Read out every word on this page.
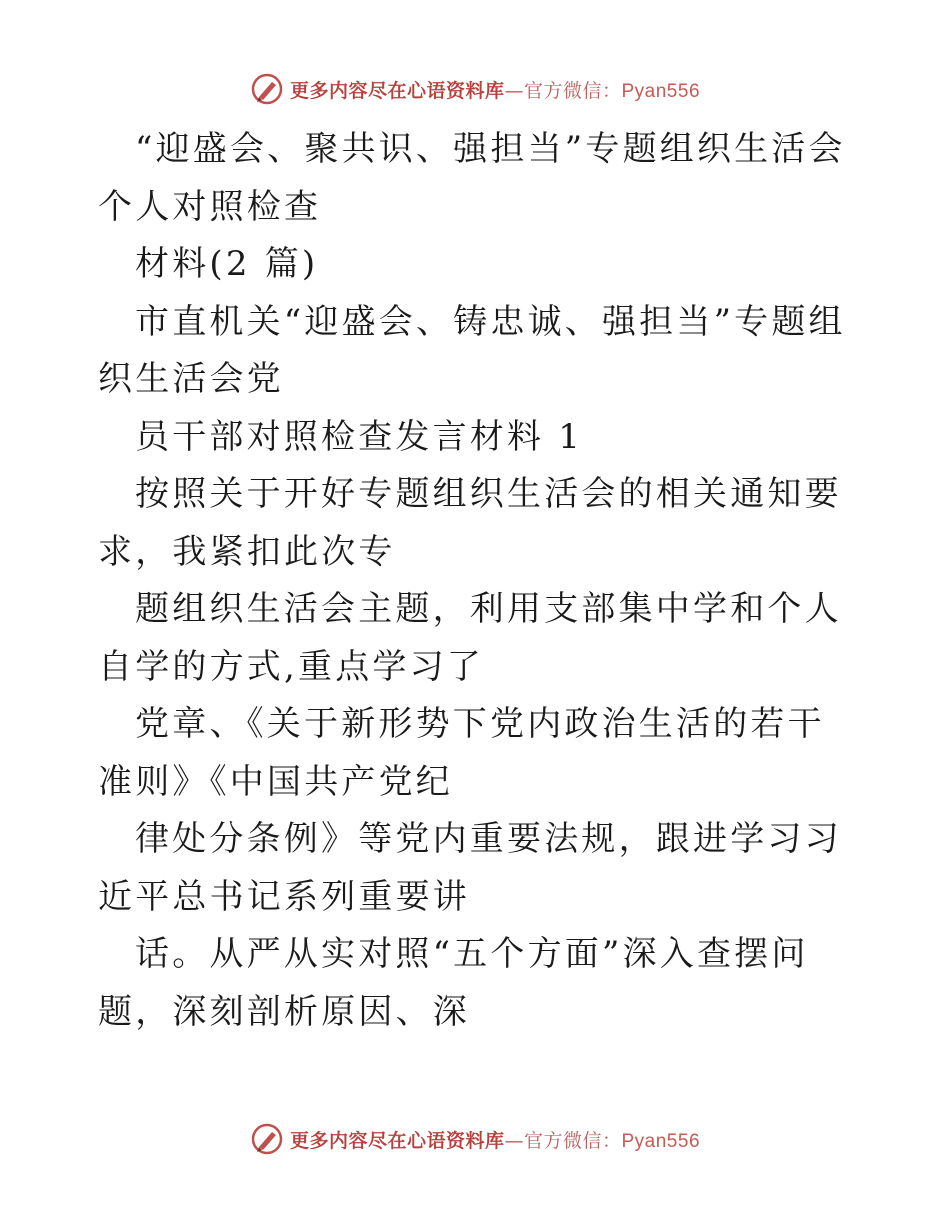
更多内容尽在心语资料库—官方微信：Pyan556

“迎盛会、聚共识、强担当”专题组织生活会个人对照检查

材料(2 篇)

市直机关“迎盛会、铸忠诚、强担当”专题组织生活会党

员干部对照检查发言材料 1

按照关于开好专题组织生活会的相关通知要求，我紧扣此次专

题组织生活会主题，利用支部集中学和个人自学的方式,重点学习了

党章、《关于新形势下党内政治生活的若干准则》《中国共产党纪

律处分条例》等党内重要法规，跟进学习习近平总书记系列重要讲

话。从严从实对照“五个方面”深入查摆问题，深刻剖析原因、深

更多内容尽在心语资料库—官方微信：Pyan556
